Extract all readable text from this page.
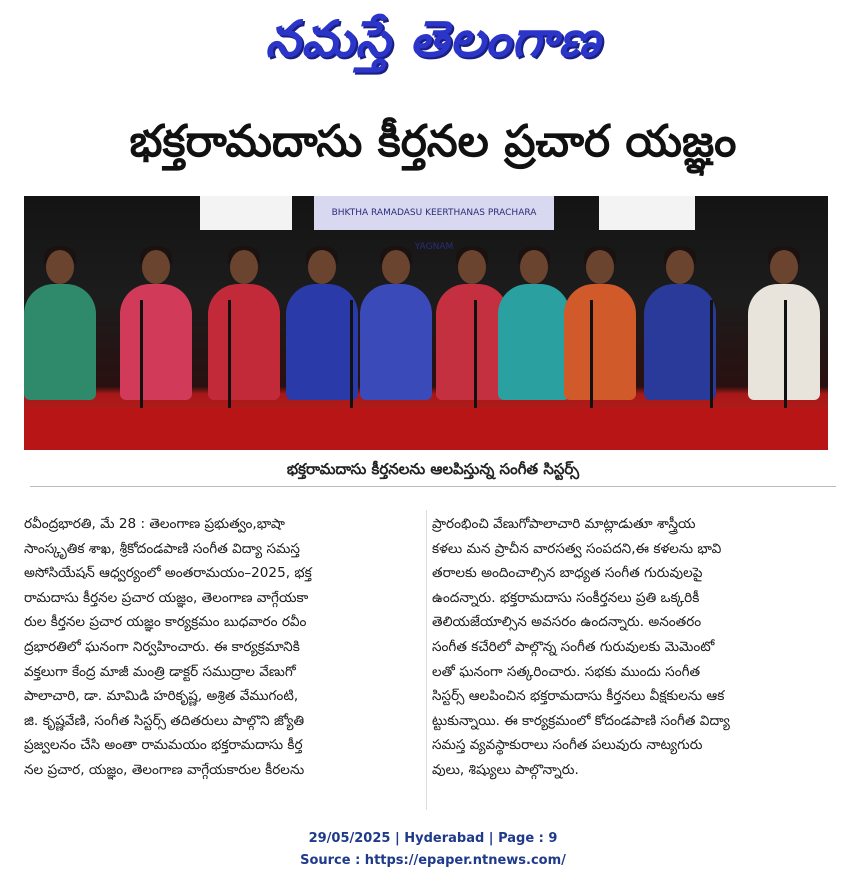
నమస్తే తెలంగాణ
భక్తరామదాసు కీర్తనల ప్రచార యజ్ఞం
BHKTHA RAMADASU KEERTHANAS PRACHARA YAGNAM
భక్తరామదాసు కీర్తనలను ఆలపిస్తున్న సంగీత సిస్టర్స్
రవీంద్రభారతి, మే 28 : తెలంగాణ ప్రభుత్వం,భాషా
సాంస్కృతిక శాఖ, శ్రీకోదండపాణి సంగీత విద్యా సమస్త
అసోసియేషన్ ఆధ్వర్యంలో అంతరామయం–2025, భక్త
రామదాసు కీర్తనల ప్రచార యజ్ఞం, తెలంగాణ వాగ్గేయకా
రుల కీర్తనల ప్రచార యజ్ఞం కార్యక్రమం బుధవారం రవీం
ద్రభారతిలో ఘనంగా నిర్వహించారు. ఈ కార్యక్రమానికి
వక్తలుగా కేంద్ర మాజీ మంత్రి డాక్టర్ సముద్రాల వేణుగో
పాలాచారి, డా. మామిడి హరికృష్ణ, అశ్రిత వేముగంటి,
జి. కృష్ణవేణి, సంగీత సిస్టర్స్ తదితరులు పాల్గొని జ్యోతి
ప్రజ్వలనం చేసి అంతా రామమయం భక్తరామదాసు కీర్త
నల ప్రచార, యజ్ఞం, తెలంగాణ వాగ్గేయకారుల కీరలను
ప్రారంభించి వేణుగోపాలాచారి మాట్లాడుతూ శాస్త్రీయ
కళలు మన ప్రాచీన వారసత్వ సంపదని,ఈ కళలను భావి
తరాలకు అందించాల్సిన బాధ్యత సంగీత గురువులపై
ఉందన్నారు. భక్తరామదాసు సంకీర్తనలు ప్రతి ఒక్కరికీ
తెలియజేయాల్సిన అవసరం ఉందన్నారు. అనంతరం
సంగీత కచేరిలో పాల్గొన్న సంగీత గురువులకు మెమెంటో
లతో ఘనంగా సత్కరించారు. సభకు ముందు సంగీత
సిస్టర్స్ ఆలపించిన భక్తరామదాసు కీర్తనలు వీక్షకులను ఆక
ట్టుకున్నాయి. ఈ కార్యక్రమంలో కోదండపాణి సంగీత విద్యా
సమస్త వ్యవస్థాకురాలు సంగీత పలువురు నాట్యగురు
వులు, శిష్యులు పాల్గొన్నారు.
29/05/2025 | Hyderabad | Page : 9
Source : https://epaper.ntnews.com/
